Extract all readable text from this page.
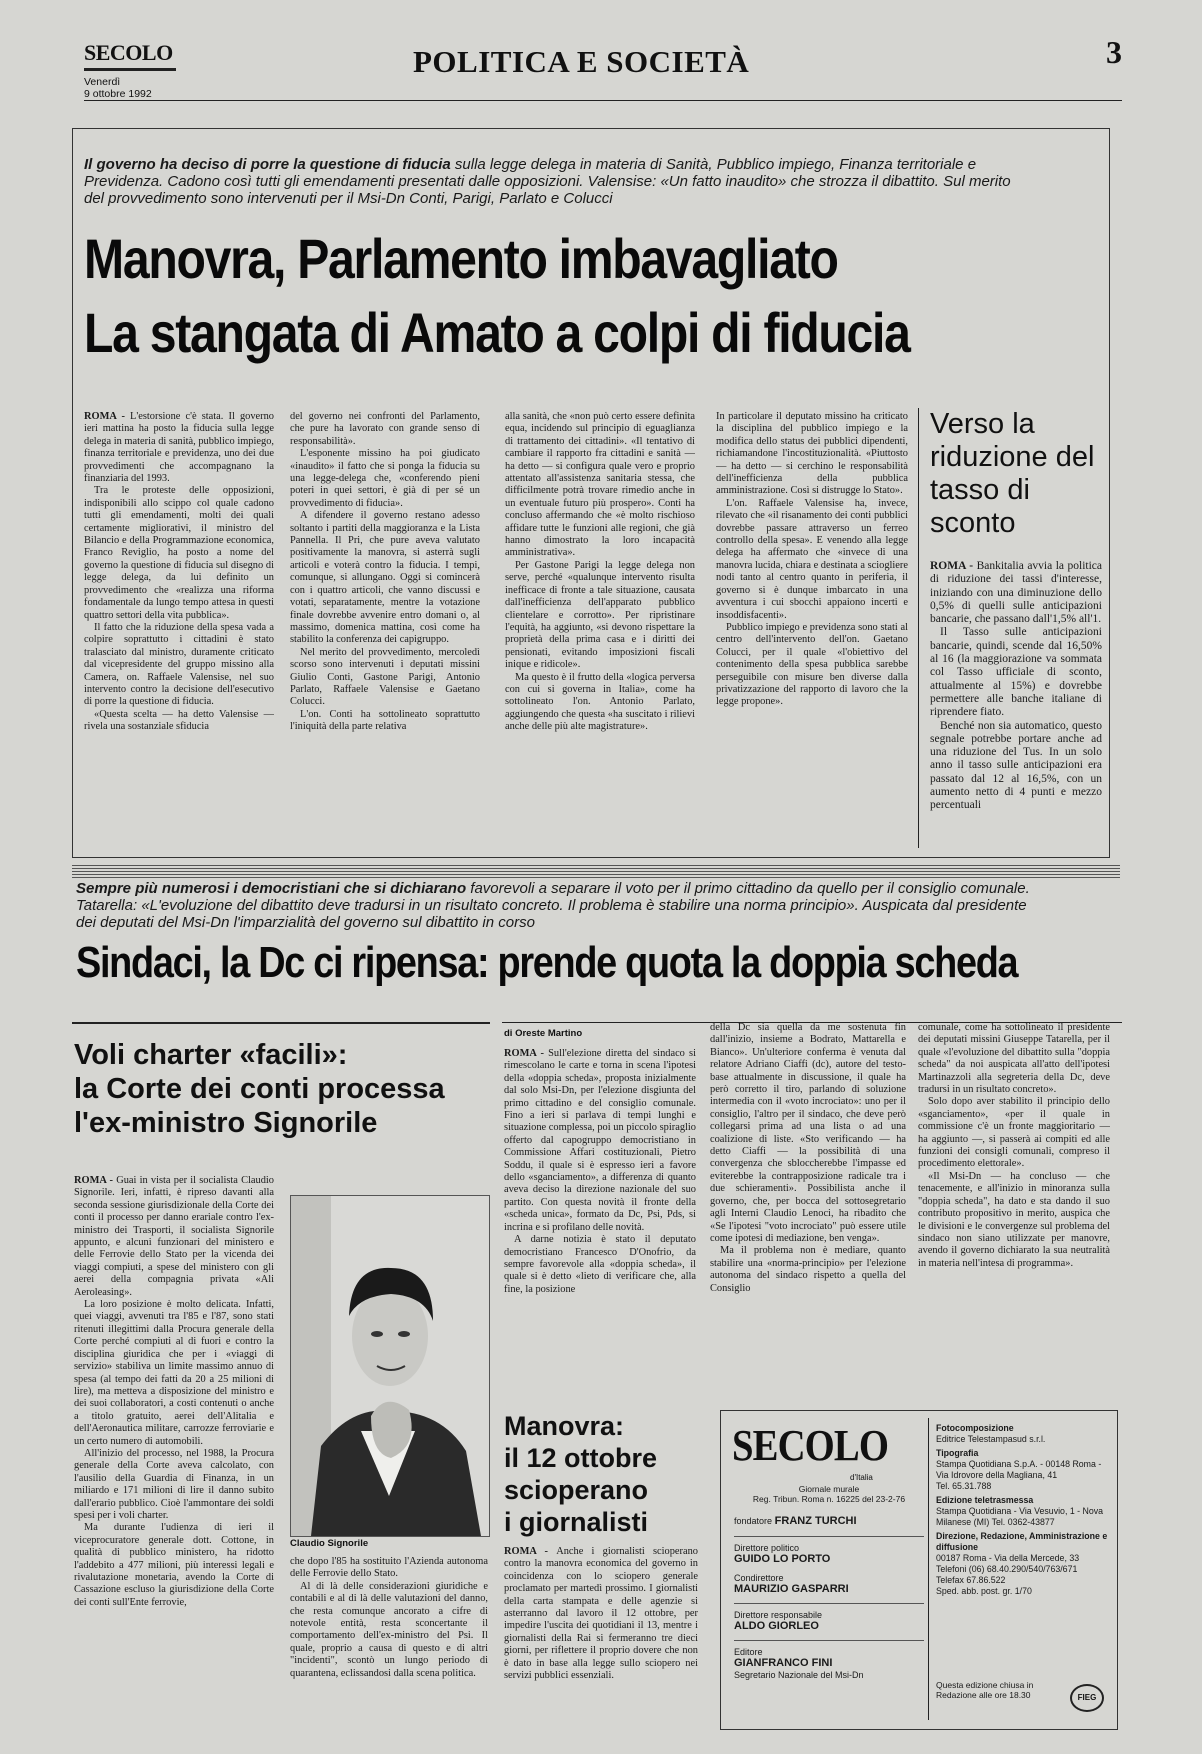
SECOLO
Venerdì
9 ottobre 1992
POLITICA E SOCIETÀ	3
Il governo ha deciso di porre la questione di fiducia sulla legge delega in materia di Sanità, Pubblico impiego, Finanza territoriale e Previdenza. Cadono così tutti gli emendamenti presentati dalle opposizioni. Valensise: «Un fatto inaudito» che strozza il dibattito. Sul merito del provvedimento sono intervenuti per il Msi-Dn Conti, Parigi, Parlato e Colucci
Manovra, Parlamento imbavagliato
La stangata di Amato a colpi di fiducia

ROMA - L'estorsione c'è stata. Il governo ieri mattina ha posto la fiducia sulla legge delega in materia di sanità, pubblico impiego, finanza territoriale e previdenza, uno dei due provvedimenti che accompagnano la finanziaria del 1993.

Tra le proteste delle opposizioni, indisponibili allo scippo col quale cadono tutti gli emendamenti, molti dei quali certamente migliorativi, il ministro del Bilancio e della Programmazione economica, Franco Reviglio, ha posto a nome del governo la questione di fiducia sul disegno di legge delega, da lui definito un provvedimento che «realizza una riforma fondamentale da lungo tempo attesa in questi quattro settori della vita pubblica».

Il fatto che la riduzione della spesa vada a colpire soprattutto i cittadini è stato tralasciato dal ministro, duramente criticato dal vicepresidente del gruppo missino alla Camera, on. Raffaele Valensise, nel suo intervento contro la decisione dell'esecutivo di porre la questione di fiducia.

«Questa scelta — ha detto Valensise — rivela una sostanziale sfiducia

del governo nei confronti del Parlamento, che pure ha lavorato con grande senso di responsabilità».

L'esponente missino ha poi giudicato «inaudito» il fatto che si ponga la fiducia su una legge-delega che, «conferendo pieni poteri in quei settori, è già di per sé un provvedimento di fiducia».

A difendere il governo restano adesso soltanto i partiti della maggioranza e la Lista Pannella. Il Pri, che pure aveva valutato positivamente la manovra, si asterrà sugli articoli e voterà contro la fiducia. I tempi, comunque, si allungano. Oggi si comincerà con i quattro articoli, che vanno discussi e votati, separatamente, mentre la votazione finale dovrebbe avvenire entro domani o, al massimo, domenica mattina, così come ha stabilito la conferenza dei capigruppo.

Nel merito del provvedimento, mercoledì scorso sono intervenuti i deputati missini Giulio Conti, Gastone Parigi, Antonio Parlato, Raffaele Valensise e Gaetano Colucci.

L'on. Conti ha sottolineato soprattutto l'iniquità della parte relativa

alla sanità, che «non può certo essere definita equa, incidendo sul principio di eguaglianza di trattamento dei cittadini». «Il tentativo di cambiare il rapporto fra cittadini e sanità — ha detto — si configura quale vero e proprio attentato all'assistenza sanitaria stessa, che difficilmente potrà trovare rimedio anche in un eventuale futuro più prospero». Conti ha concluso affermando che «è molto rischioso affidare tutte le funzioni alle regioni, che già hanno dimostrato la loro incapacità amministrativa».

Per Gastone Parigi la legge delega non serve, perché «qualunque intervento risulta inefficace di fronte a tale situazione, causata dall'inefficienza dell'apparato pubblico clientelare e corrotto». Per ripristinare l'equità, ha aggiunto, «si devono rispettare la proprietà della prima casa e i diritti dei pensionati, evitando imposizioni fiscali inique e ridicole».

Ma questo è il frutto della «logica perversa con cui si governa in Italia», come ha sottolineato l'on. Antonio Parlato, aggiungendo che questa «ha suscitato i rilievi anche delle più alte magistrature».

In particolare il deputato missino ha criticato la disciplina del pubblico impiego e la modifica dello status dei pubblici dipendenti, richiamandone l'incostituzionalità. «Piuttosto — ha detto — si cerchino le responsabilità dell'inefficienza della pubblica amministrazione. Così si distrugge lo Stato».

L'on. Raffaele Valensise ha, invece, rilevato che «il risanamento dei conti pubblici dovrebbe passare attraverso un ferreo controllo della spesa». E venendo alla legge delega ha affermato che «invece di una manovra lucida, chiara e destinata a sciogliere nodi tanto al centro quanto in periferia, il governo si è dunque imbarcato in una avventura i cui sbocchi appaiono incerti e insoddisfacenti».

Pubblico impiego e previdenza sono stati al centro dell'intervento dell'on. Gaetano Colucci, per il quale «l'obiettivo del contenimento della spesa pubblica sarebbe perseguibile con misure ben diverse dalla privatizzazione del rapporto di lavoro che la legge propone».

Verso la riduzione del tasso di sconto

ROMA - Bankitalia avvia la politica di riduzione dei tassi d'interesse, iniziando con una diminuzione dello 0,5% di quelli sulle anticipazioni bancarie, che passano dall'1,5% all'1.

Il Tasso sulle anticipazioni bancarie, quindi, scende dal 16,50% al 16 (la maggiorazione va sommata col Tasso ufficiale di sconto, attualmente al 15%) e dovrebbe permettere alle banche italiane di riprendere fiato.

Benché non sia automatico, questo segnale potrebbe portare anche ad una riduzione del Tus. In un solo anno il tasso sulle anticipazioni era passato dal 12 al 16,5%, con un aumento netto di 4 punti e mezzo percentuali

Sempre più numerosi i democristiani che si dichiarano favorevoli a separare il voto per il primo cittadino da quello per il consiglio comunale. Tatarella: «L'evoluzione del dibattito deve tradursi in un risultato concreto. Il problema è stabilire una norma principio». Auspicata dal presidente dei deputati del Msi-Dn l'imparzialità del governo sul dibattito in corso
Sindaci, la Dc ci ripensa: prende quota la doppia scheda
di Oreste Martino

ROMA - Sull'elezione diretta del sindaco si rimescolano le carte e torna in scena l'ipotesi della «doppia scheda», proposta inizialmente dal solo Msi-Dn, per l'elezione disgiunta del primo cittadino e del consiglio comunale. Fino a ieri si parlava di tempi lunghi e situazione complessa, poi un piccolo spiraglio offerto dal capogruppo democristiano in Commissione Affari costituzionali, Pietro Soddu, il quale si è espresso ieri a favore dello «sganciamento», a differenza di quanto aveva deciso la direzione nazionale del suo partito. Con questa novità il fronte della «scheda unica», formato da Dc, Psi, Pds, si incrina e si profilano delle novità.

A darne notizia è stato il deputato democristiano Francesco D'Onofrio, da sempre favorevole alla «doppia scheda», il quale si è detto «lieto di verificare che, alla fine, la posizione

della Dc sia quella da me sostenuta fin dall'inizio, insieme a Bodrato, Mattarella e Bianco». Un'ulteriore conferma è venuta dal relatore Adriano Ciaffi (dc), autore del testo-base attualmente in discussione, il quale ha però corretto il tiro, parlando di soluzione intermedia con il «voto incrociato»: uno per il consiglio, l'altro per il sindaco, che deve però collegarsi prima ad una lista o ad una coalizione di liste. «Sto verificando — ha detto Ciaffi — la possibilità di una convergenza che sbloccherebbe l'impasse ed eviterebbe la contrapposizione radicale tra i due schieramenti». Possibilista anche il governo, che, per bocca del sottosegretario agli Interni Claudio Lenoci, ha ribadito che «Se l'ipotesi "voto incrociato" può essere utile come ipotesi di mediazione, ben venga».

Ma il problema non è mediare, quanto stabilire una «norma-principio» per l'elezione autonoma del sindaco rispetto a quella del Consiglio

comunale, come ha sottolineato il presidente dei deputati missini Giuseppe Tatarella, per il quale «l'evoluzione del dibattito sulla "doppia scheda" da noi auspicata all'atto dell'ipotesi Martinazzoli alla segreteria della Dc, deve tradursi in un risultato concreto».

Solo dopo aver stabilito il principio dello «sganciamento», «per il quale in commissione c'è un fronte maggioritario — ha aggiunto —, si passerà ai compiti ed alle funzioni dei consigli comunali, compreso il procedimento elettorale».

«Il Msi-Dn — ha concluso — che tenacemente, e all'inizio in minoranza sulla "doppia scheda", ha dato e sta dando il suo contributo propositivo in merito, auspica che le divisioni e le convergenze sul problema del sindaco non siano utilizzate per manovre, avendo il governo dichiarato la sua neutralità in materia nell'intesa di programma».

Voli charter «facili»:
la Corte dei conti processa
l'ex-ministro Signorile

ROMA - Guai in vista per il socialista Claudio Signorile. Ieri, infatti, è ripreso davanti alla seconda sessione giurisdizionale della Corte dei conti il processo per danno erariale contro l'ex-ministro dei Trasporti, il socialista Signorile appunto, e alcuni funzionari del ministero e delle Ferrovie dello Stato per la vicenda dei viaggi compiuti, a spese del ministero con gli aerei della compagnia privata «Ali Aeroleasing».

La loro posizione è molto delicata. Infatti, quei viaggi, avvenuti tra l'85 e l'87, sono stati ritenuti illegittimi dalla Procura generale della Corte perché compiuti al di fuori e contro la disciplina giuridica che per i «viaggi di servizio» stabiliva un limite massimo annuo di spesa (al tempo dei fatti da 20 a 25 milioni di lire), ma metteva a disposizione del ministro e dei suoi collaboratori, a costi contenuti o anche a titolo gratuito, aerei dell'Alitalia e dell'Aeronautica militare, carrozze ferroviarie e un certo numero di automobili.

All'inizio del processo, nel 1988, la Procura generale della Corte aveva calcolato, con l'ausilio della Guardia di Finanza, in un miliardo e 171 milioni di lire il danno subito dall'erario pubblico. Cioè l'ammontare dei soldi spesi per i voli charter.

Ma durante l'udienza di ieri il viceprocuratore generale dott. Cottone, in qualità di pubblico ministero, ha ridotto l'addebito a 477 milioni, più interessi legali e rivalutazione monetaria, avendo la Corte di Cassazione escluso la giurisdizione della Corte dei conti sull'Ente ferrovie,

Claudio Signorile

che dopo l'85 ha sostituito l'Azienda autonoma delle Ferrovie dello Stato.

Al di là delle considerazioni giuridiche e contabili e al di là delle valutazioni del danno, che resta comunque ancorato a cifre di notevole entità, resta sconcertante il comportamento dell'ex-ministro del Psi. Il quale, proprio a causa di questo e di altri "incidenti", scontò un lungo periodo di quarantena, eclissandosi dalla scena politica.

Manovra:
il 12 ottobre
scioperano
i giornalisti

ROMA - Anche i giornalisti scioperano contro la manovra economica del governo in coincidenza con lo sciopero generale proclamato per martedì prossimo. I giornalisti della carta stampata e delle agenzie si asterranno dal lavoro il 12 ottobre, per impedire l'uscita dei quotidiani il 13, mentre i giornalisti della Rai si fermeranno tre dieci giorni, per riflettere il proprio dovere che non è dato in base alla legge sullo sciopero nei servizi pubblici essenziali.

SECOLO
d'Italia
Giornale murale
Reg. Tribun. Roma n. 16225 del 23-2-76
fondatore FRANZ TURCHI
Direttore politico
GUIDO LO PORTO
Condirettore
MAURIZIO GASPARRI
Direttore responsabile
ALDO GIORLEO
Editore
GIANFRANCO FINI
Segretario Nazionale del Msi-Dn
Fotocomposizione
Editrice Telestampasud s.r.l.
Tipografia
Stampa Quotidiana S.p.A. - 00148 Roma - Via Idrovore della Magliana, 41
Tel. 65.31.788
Edizione teletrasmessa
Stampa Quotidiana - Via Vesuvio, 1 - Nova Milanese (MI) Tel. 0362-43877
Direzione, Redazione, Amministrazione e diffusione
00187 Roma - Via della Mercede, 33
Telefoni (06) 68.40.290/540/763/671
Telefax 67.86.522
Sped. abb. post. gr. 1/70
Questa edizione chiusa in Redazione alle ore 18.30	FIEG
